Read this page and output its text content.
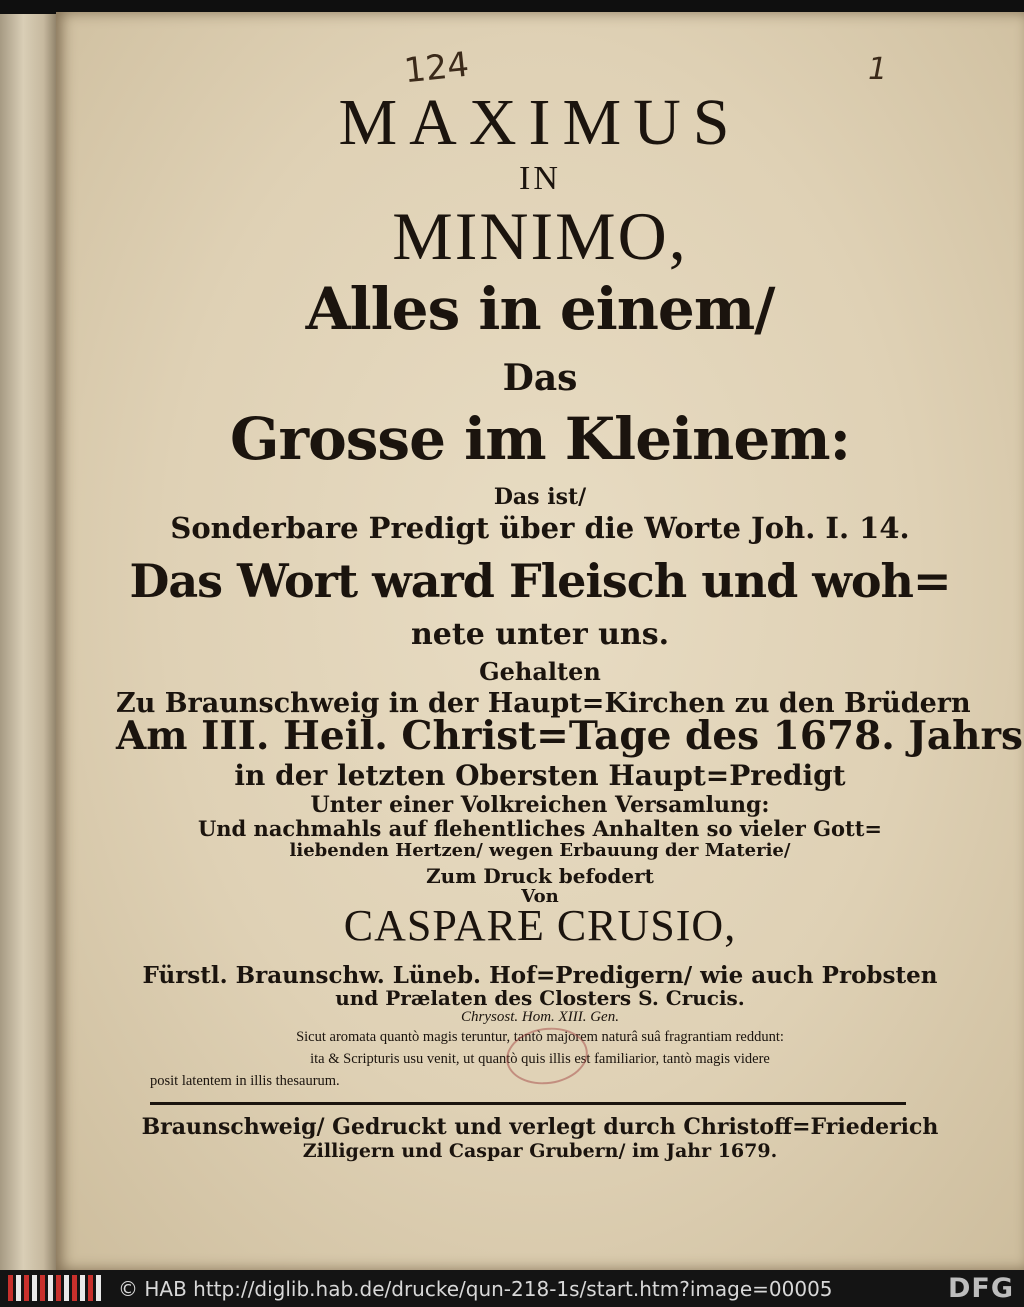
124	1
MAXIMUS
IN
MINIMO,
Alles in einem/
Das
Grosse im Kleinem:
Das ist/
Sonderbare Predigt über die Worte Joh. I. 14.
Das Wort ward Fleisch und woh=
nete unter uns.
Gehalten
Zu Braunschweig in der Haupt=Kirchen zu den Brüdern
Am III. Heil. Christ=Tage des 1678. Jahrs
in der letzten Obersten Haupt=Predigt
Unter einer Volkreichen Versamlung:
Und nachmahls auf flehentliches Anhalten so vieler Gott=
liebenden Hertzen/ wegen Erbauung der Materie/
Zum Druck befodert
Von
CASPARE CRUSIO,
Fürstl. Braunschw. Lüneb. Hof=Predigern/ wie auch Probsten
und Prælaten des Closters S. Crucis.
Chrysost. Hom. XIII. Gen.
Sicut aromata quantò magis teruntur, tantò majorem naturâ suâ fragrantiam reddunt:
ita & Scripturis usu venit, ut quantò quis illis est familiarior, tantò magis videre
posit latentem in illis thesaurum.
Braunschweig/ Gedruckt und verlegt durch Christoff=Friederich
Zilligern und Caspar Grubern/ im Jahr 1679.
© HAB http://diglib.hab.de/drucke/qun-218-1s/start.htm?image=00005	DFG
